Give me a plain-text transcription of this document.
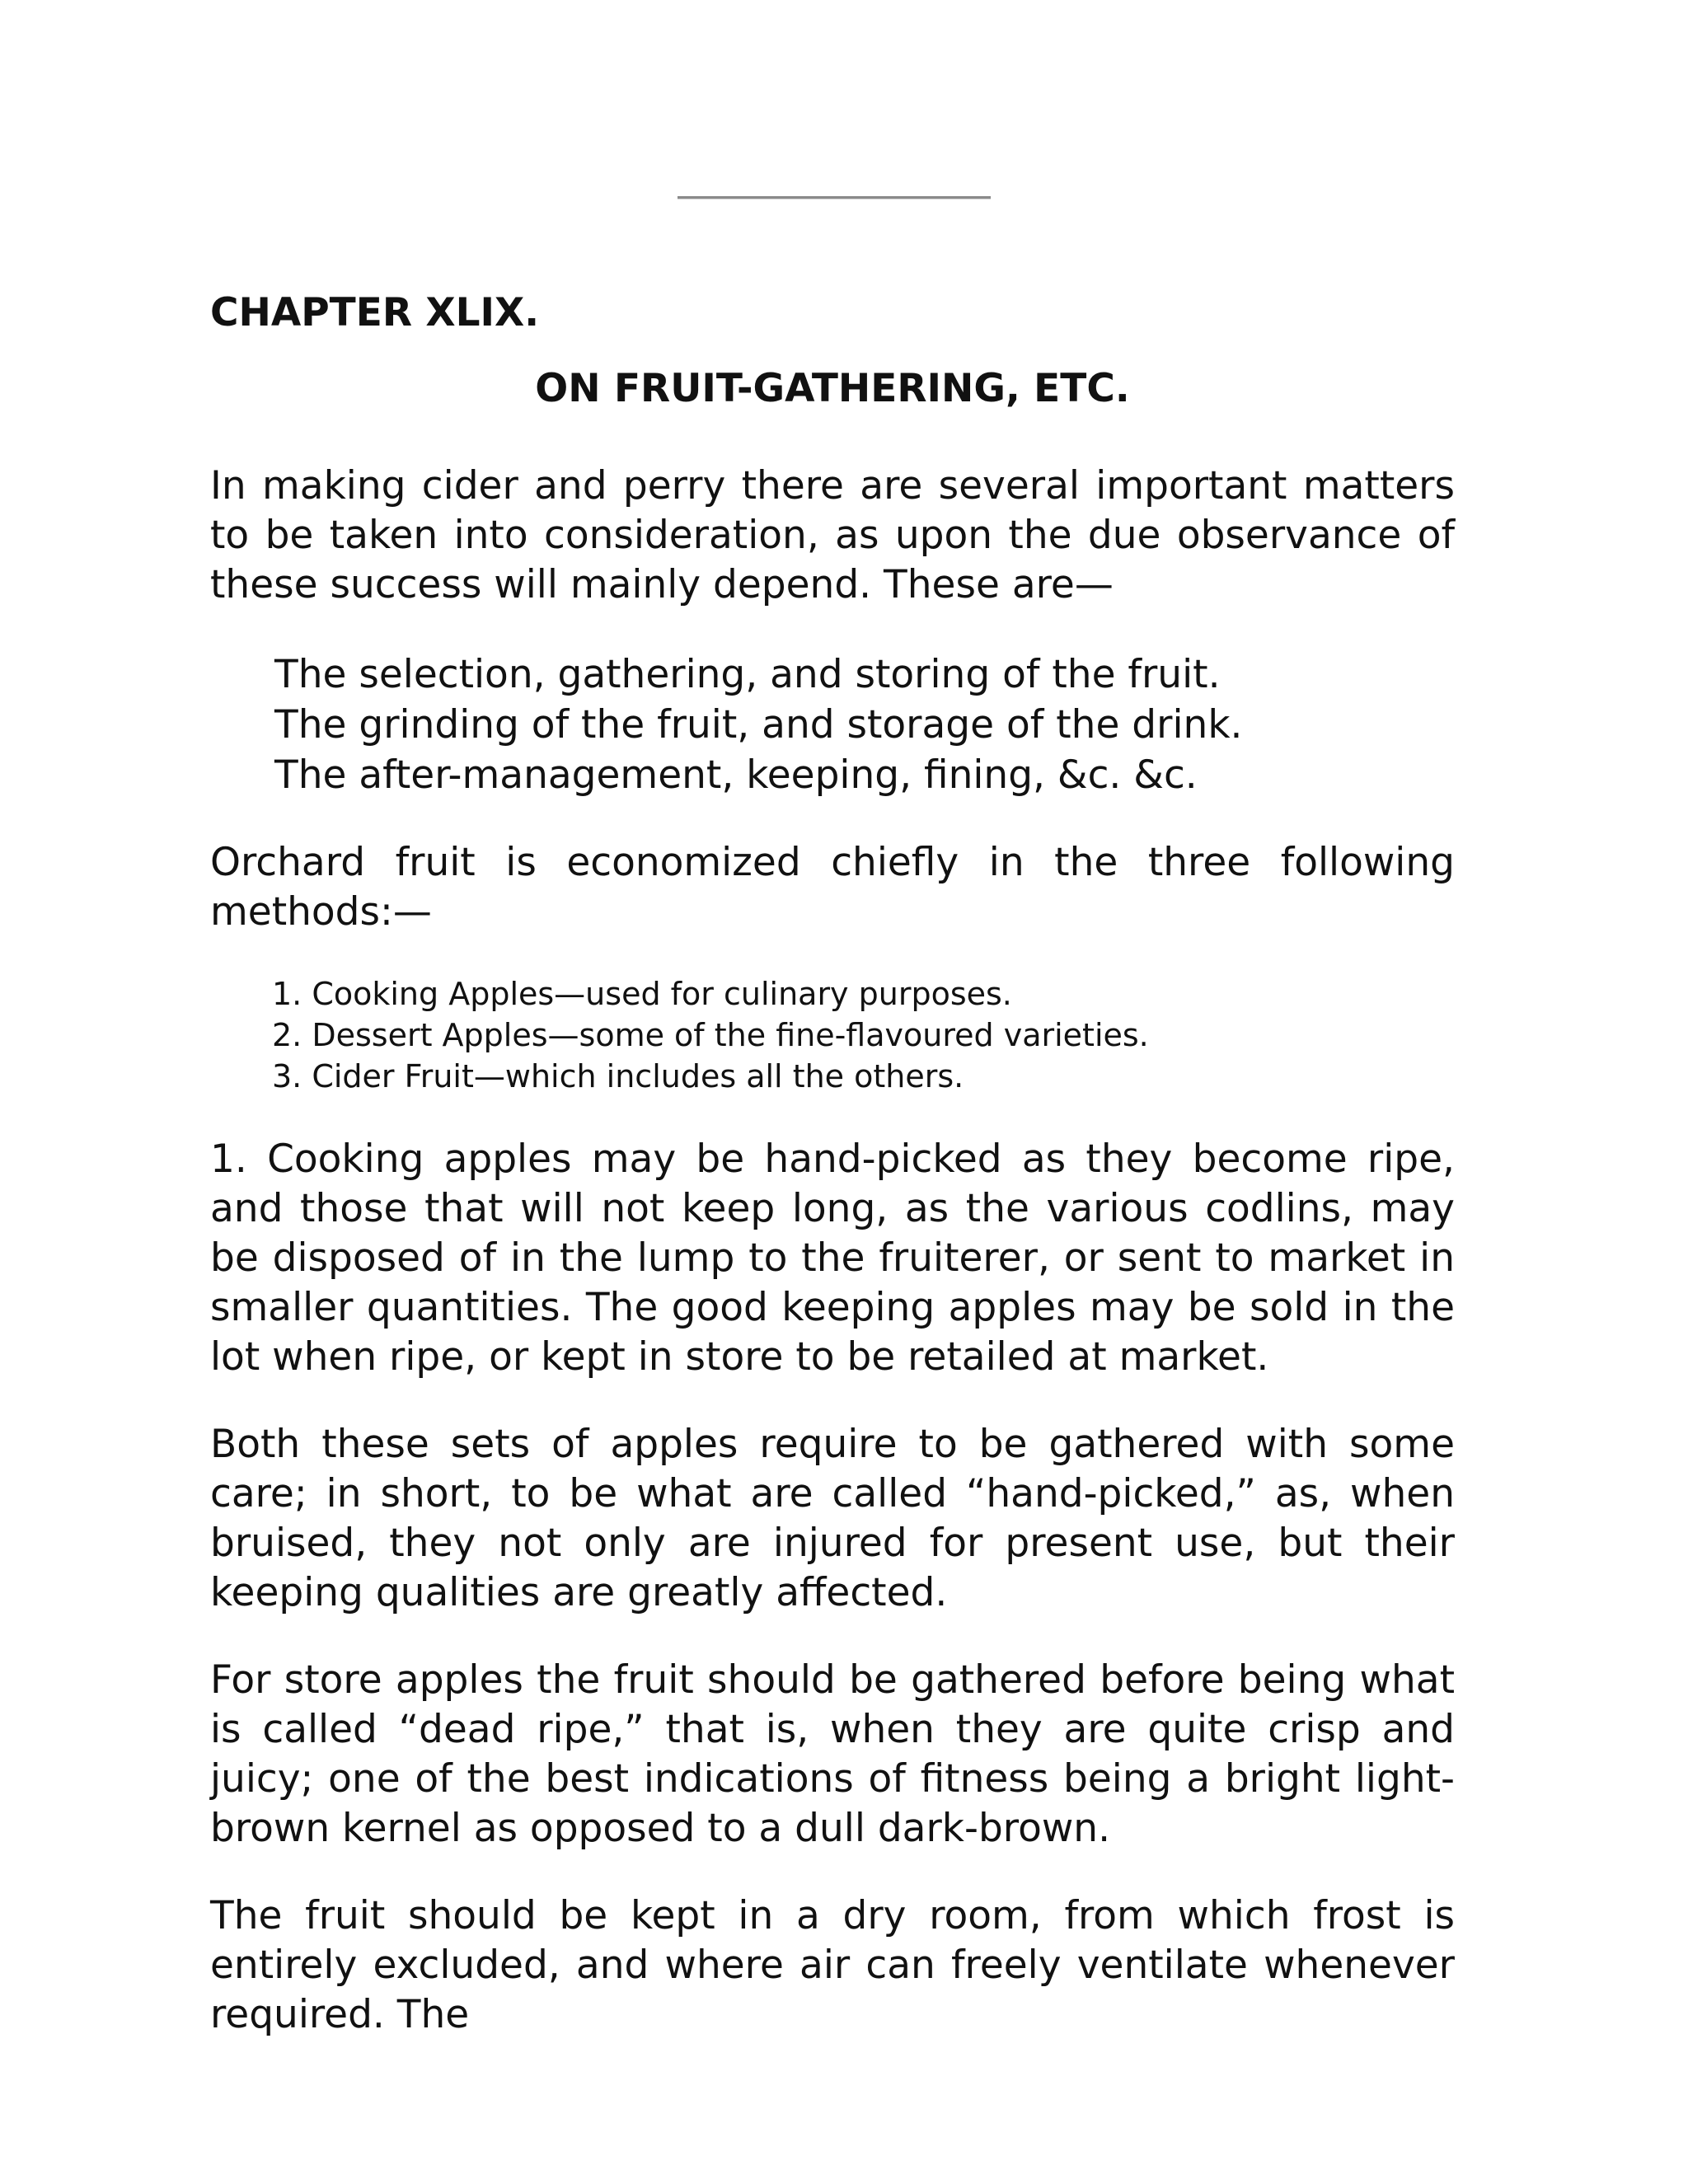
CHAPTER XLIX.
ON FRUIT-GATHERING, ETC.

In making cider and perry there are several important matters to be taken into consideration, as upon the due observance of these success will mainly depend. These are—

The selection, gathering, and storing of the fruit.
The grinding of the fruit, and storage of the drink.
The after-management, keeping, fining, &c. &c.

Orchard fruit is economized chiefly in the three following methods:—

1. Cooking Apples—used for culinary purposes.
2. Dessert Apples—some of the fine-flavoured varieties.
3. Cider Fruit—which includes all the others.

1. Cooking apples may be hand-picked as they become ripe, and those that will not keep long, as the various codlins, may be disposed of in the lump to the fruiterer, or sent to market in smaller quantities. The good keeping apples may be sold in the lot when ripe, or kept in store to be retailed at market.

Both these sets of apples require to be gathered with some care; in short, to be what are called “hand-picked,” as, when bruised, they not only are injured for present use, but their keeping qualities are greatly affected.

For store apples the fruit should be gathered before being what is called “dead ripe,” that is, when they are quite crisp and juicy; one of the best indications of fitness being a bright light-brown kernel as opposed to a dull dark-brown.

The fruit should be kept in a dry room, from which frost is entirely excluded, and where air can freely ventilate whenever required. The
